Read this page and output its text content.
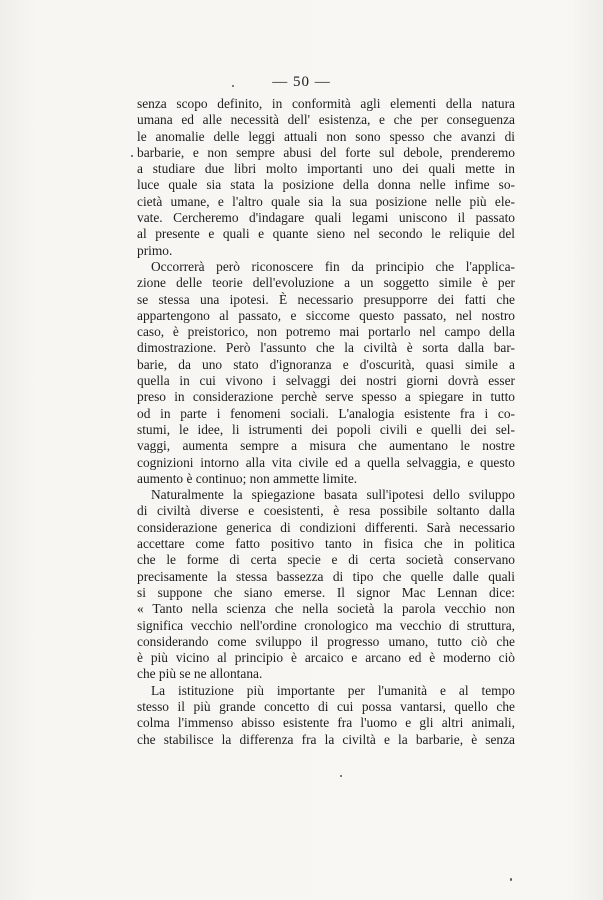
— 50 —
senza scopo definito, in conformità agli elementi della natura
umana ed alle necessità dell' esistenza, e che per conseguenza
le anomalie delle leggi attuali non sono spesso che avanzi di
barbarie, e non sempre abusi del forte sul debole, prenderemo
a studiare due libri molto importanti uno dei quali mette in
luce quale sia stata la posizione della donna nelle infime so-
cietà umane, e l'altro quale sia la sua posizione nelle più ele-
vate. Cercheremo d'indagare quali legami uniscono il passato
al presente e quali e quante sieno nel secondo le reliquie del
primo.
Occorrerà però riconoscere fin da principio che l'applica-
zione delle teorie dell'evoluzione a un soggetto simile è per
se stessa una ipotesi. È necessario presupporre dei fatti che
appartengono al passato, e siccome questo passato, nel nostro
caso, è preistorico, non potremo mai portarlo nel campo della
dimostrazione. Però l'assunto che la civiltà è sorta dalla bar-
barie, da uno stato d'ignoranza e d'oscurità, quasi simile a
quella in cui vivono i selvaggi dei nostri giorni dovrà esser
preso in considerazione perchè serve spesso a spiegare in tutto
od in parte i fenomeni sociali. L'analogia esistente fra i co-
stumi, le idee, li istrumenti dei popoli civili e quelli dei sel-
vaggi, aumenta sempre a misura che aumentano le nostre
cognizioni intorno alla vita civile ed a quella selvaggia, e questo
aumento è continuo; non ammette limite.
Naturalmente la spiegazione basata sull'ipotesi dello sviluppo
di civiltà diverse e coesistenti, è resa possibile soltanto dalla
considerazione generica di condizioni differenti. Sarà necessario
accettare come fatto positivo tanto in fisica che in politica
che le forme di certa specie e di certa società conservano
precisamente la stessa bassezza di tipo che quelle dalle quali
si suppone che siano emerse. Il signor Mac Lennan dice:
« Tanto nella scienza che nella società la parola vecchio non
significa vecchio nell'ordine cronologico ma vecchio di struttura,
considerando come sviluppo il progresso umano, tutto ciò che
è più vicino al principio è arcaico e arcano ed è moderno ciò
che più se ne allontana.
La istituzione più importante per l'umanità e al tempo
stesso il più grande concetto di cui possa vantarsi, quello che
colma l'immenso abisso esistente fra l'uomo e gli altri animali,
che stabilisce la differenza fra la civiltà e la barbarie, è senza
